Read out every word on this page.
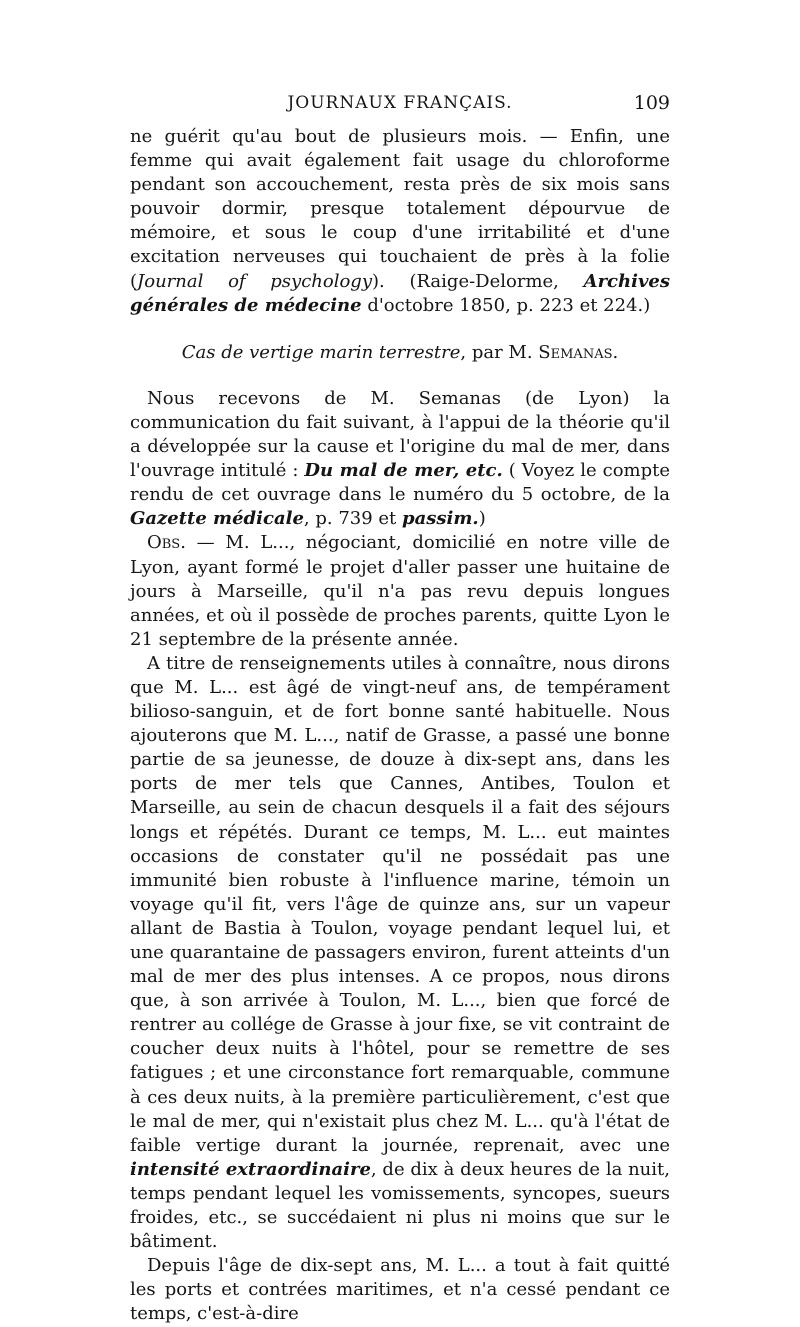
JOURNAUX FRANÇAIS.	109

ne guérit qu'au bout de plusieurs mois. — Enfin, une femme qui avait également fait usage du chloroforme pendant son accouchement, resta près de six mois sans pouvoir dormir, presque totalement dépourvue de mémoire, et sous le coup d'une irritabilité et d'une excitation nerveuses qui touchaient de près à la folie (Journal of psychology). (Raige-Delorme, Archives générales de médecine d'octobre 1850, p. 223 et 224.)

Cas de vertige marin terrestre, par M. Semanas.

Nous recevons de M. Semanas (de Lyon) la communication du fait suivant, à l'appui de la théorie qu'il a développée sur la cause et l'origine du mal de mer, dans l'ouvrage intitulé : Du mal de mer, etc. ( Voyez le compte rendu de cet ouvrage dans le numéro du 5 octobre, de la Gazette médicale, p. 739 et passim.)

Obs. — M. L..., négociant, domicilié en notre ville de Lyon, ayant formé le projet d'aller passer une huitaine de jours à Marseille, qu'il n'a pas revu depuis longues années, et où il possède de proches parents, quitte Lyon le 21 septembre de la présente année.

A titre de renseignements utiles à connaître, nous dirons que M. L... est âgé de vingt-neuf ans, de tempérament bilioso-sanguin, et de fort bonne santé habituelle. Nous ajouterons que M. L..., natif de Grasse, a passé une bonne partie de sa jeunesse, de douze à dix-sept ans, dans les ports de mer tels que Cannes, Antibes, Toulon et Marseille, au sein de chacun desquels il a fait des séjours longs et répétés. Durant ce temps, M. L... eut maintes occasions de constater qu'il ne possédait pas une immunité bien robuste à l'influence marine, témoin un voyage qu'il fit, vers l'âge de quinze ans, sur un vapeur allant de Bastia à Toulon, voyage pendant lequel lui, et une quarantaine de passagers environ, furent atteints d'un mal de mer des plus intenses. A ce propos, nous dirons que, à son arrivée à Toulon, M. L..., bien que forcé de rentrer au collége de Grasse à jour fixe, se vit contraint de coucher deux nuits à l'hôtel, pour se remettre de ses fatigues ; et une circonstance fort remarquable, commune à ces deux nuits, à la première particulièrement, c'est que le mal de mer, qui n'existait plus chez M. L... qu'à l'état de faible vertige durant la journée, reprenait, avec une intensité extraordinaire, de dix à deux heures de la nuit, temps pendant lequel les vomissements, syncopes, sueurs froides, etc., se succédaient ni plus ni moins que sur le bâtiment.

Depuis l'âge de dix-sept ans, M. L... a tout à fait quitté les ports et contrées maritimes, et n'a cessé pendant ce temps, c'est-à-dire
